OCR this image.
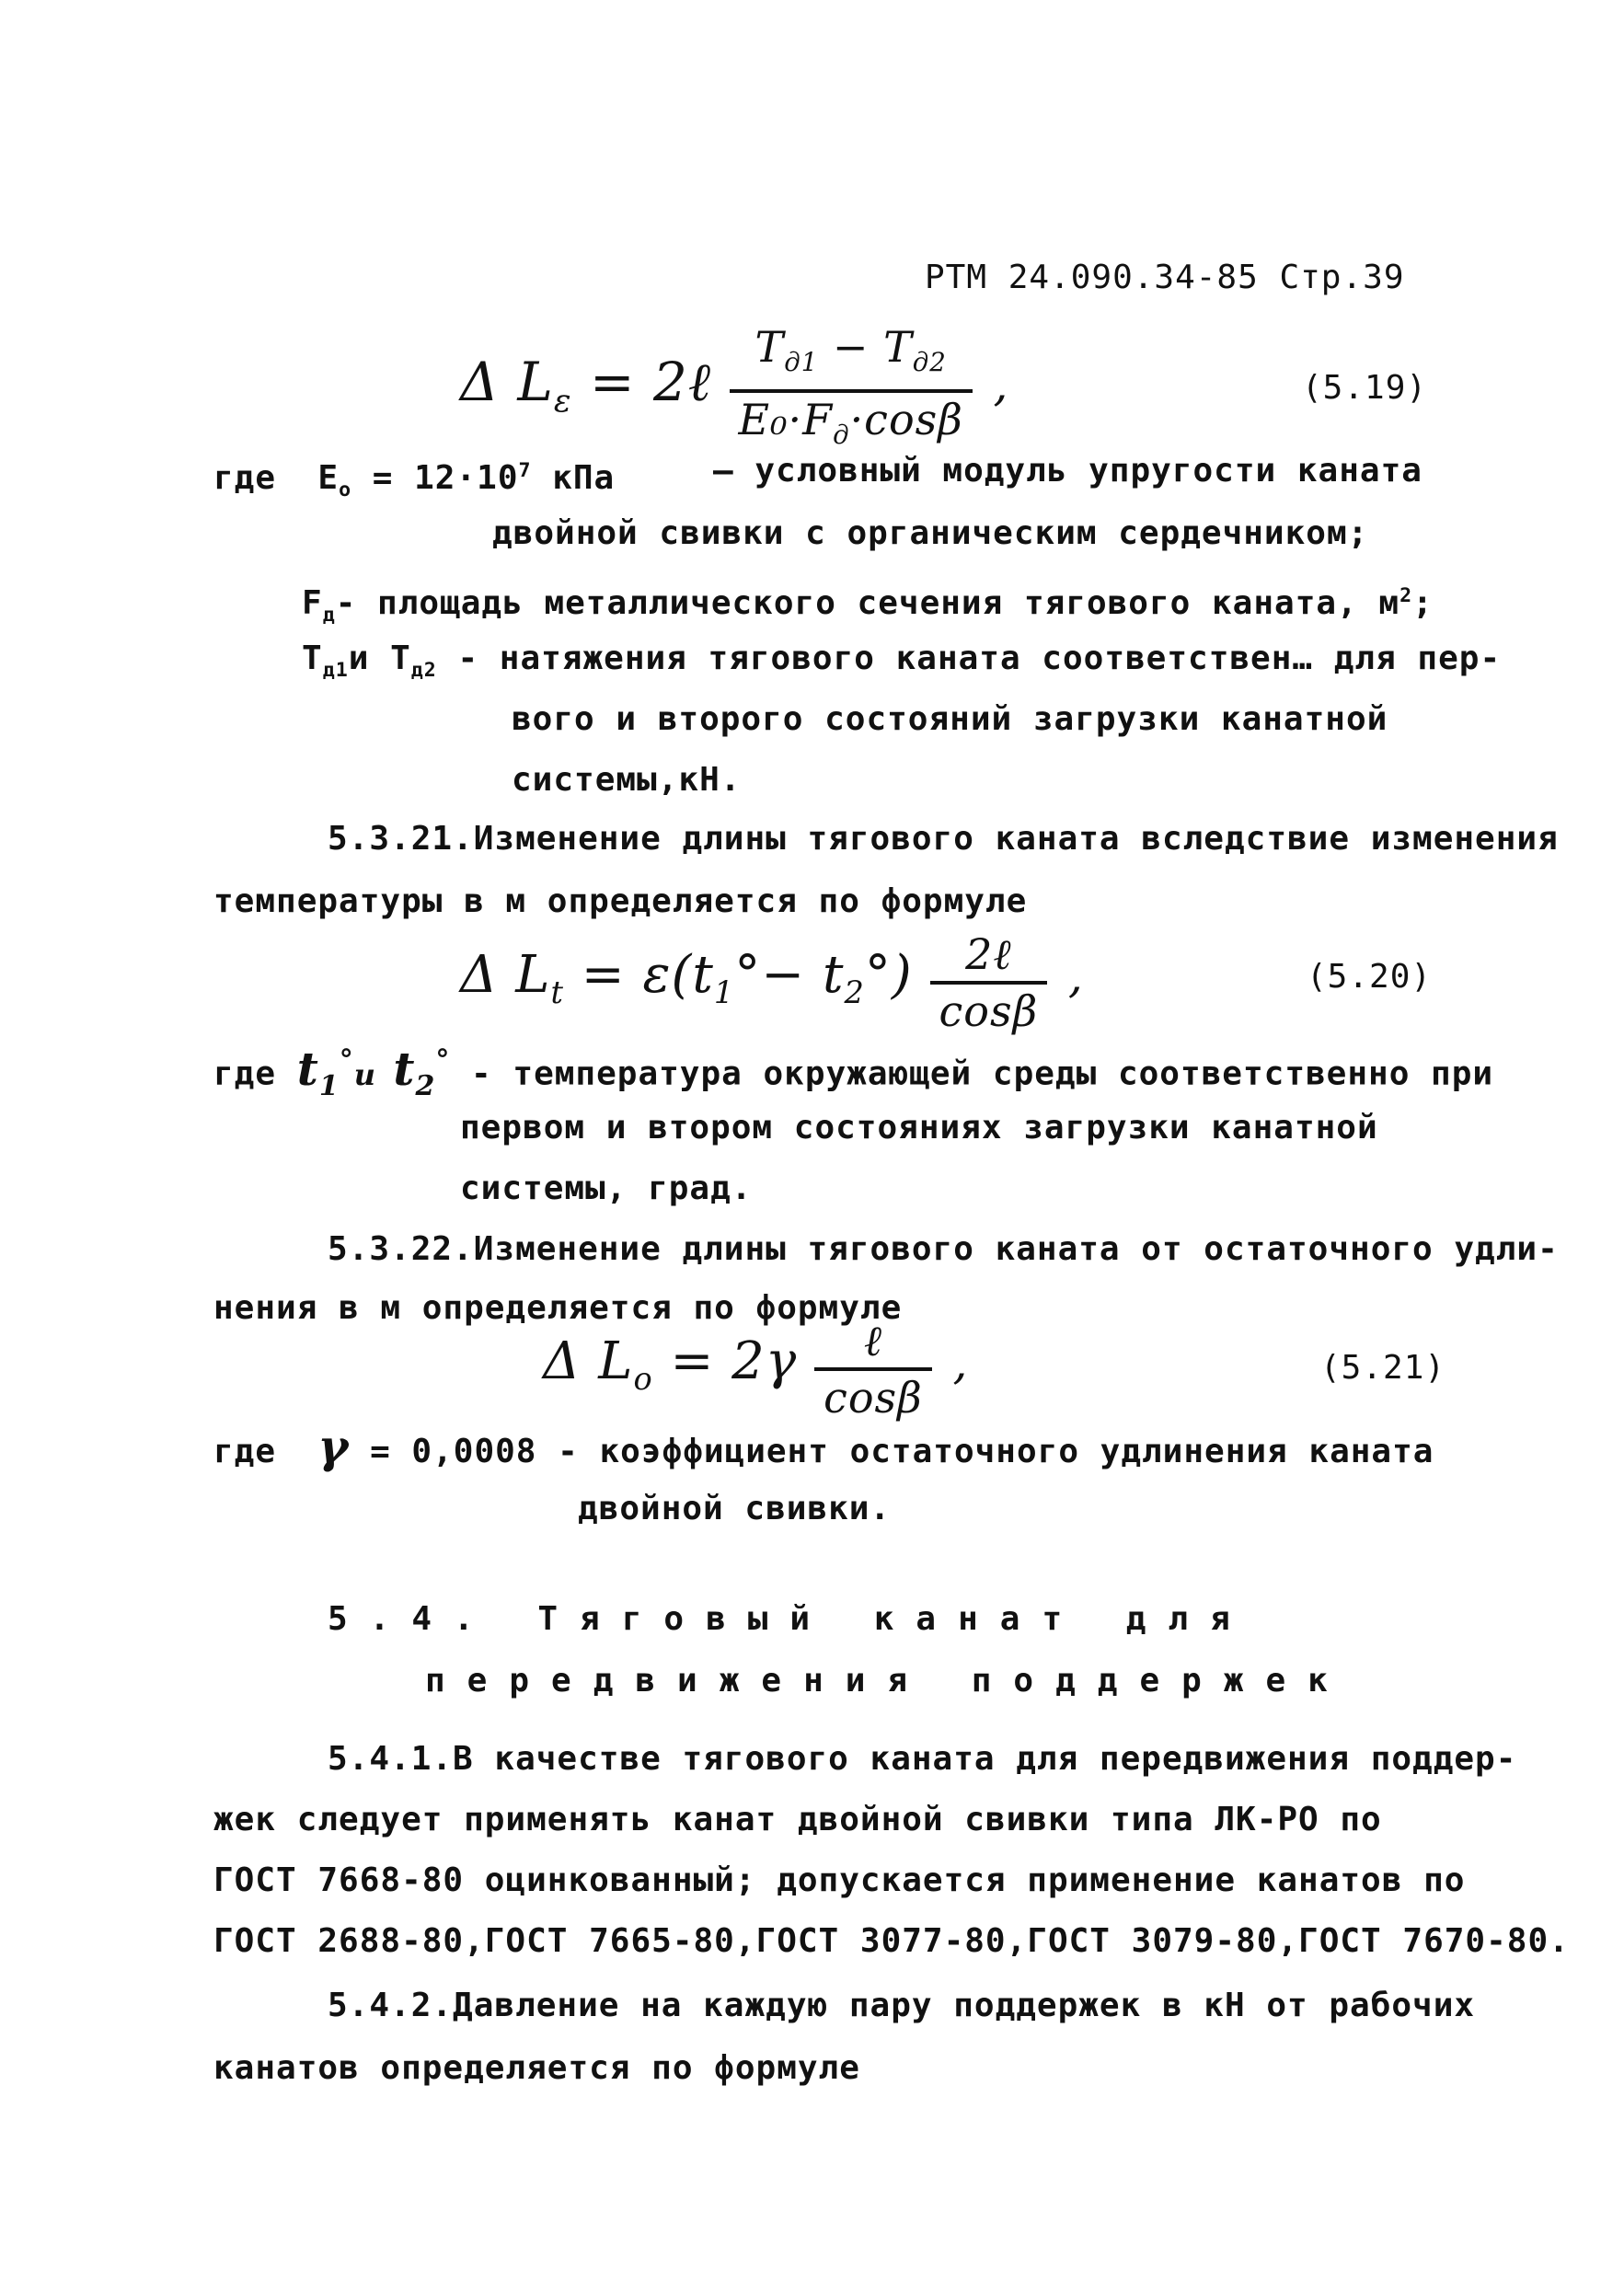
РТМ 24.090.34-85 Стр.39
Δ $L_\varepsilon$ = 2ℓ $\frac{T_{д1} - T_{д2}}{E_0\cdot F_д\cdot\cos\beta}$ ,	(5.19)
где $E_o = 12\cdot 10^7$ кПа	— условный модуль упругости каната
двойной свивки с органическим сердечником;
$F_д-$ площадь металлического сечения тягового каната, $м^2$;
$T_{д1}и$ $T_{д2}$ - натяжения тягового каната соответствен… для пер-
вого и второго состояний загрузки канатной
системы,кН.
5.3.21.Изменение длины тягового каната вследствие изменения
температуры в м определяется по формуле
Δ $L_t = \varepsilon(t_1^\circ- t_2^\circ) \frac{\text{2ℓ}}{\cos\beta}$ ,	(5.20)
где $t_1^\circ и$ $t_2^\circ$ - температура окружающей среды соответственно при
первом и втором состояниях загрузки канатной
системы, град.
5.3.22.Изменение длины тягового каната от остаточного удли-
нения в м определяется по формуле
Δ $L_о = 2\gamma \frac{\text{ℓ}}{\cos\beta}$ ,	(5.21)
где γ = 0,0008 - коэффициент остаточного удлинения каната
двойной свивки.
5.4. Тяговый канат для
передвижения поддержек
5.4.1.В качестве тягового каната для передвижения поддер-
жек следует применять канат двойной свивки типа ЛК-РО по
ГОСТ 7668-80 оцинкованный; допускается применение канатов по
ГОСТ 2688-80,ГОСТ 7665-80,ГОСТ 3077-80,ГОСТ 3079-80,ГОСТ 7670-80.
5.4.2.Давление на каждую пару поддержек в кН от рабочих
канатов определяется по формуле
